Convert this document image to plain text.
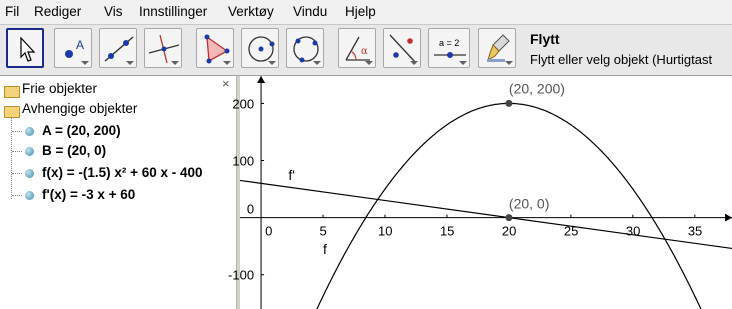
Fil Rediger Vis Innstillinger Verktøy Vindu Hjelp
A	α
a = 2	Flytt
Flytt eller velg objekt (Hurtigtast
×
Frie objekter
Avhengige objekter
A = (20, 200)
B = (20, 0)
f(x) = -(1.5) x² + 60 x - 400
f'(x) = -3 x + 60
0	5	10	15	20	25	30	35
200
100
0
-100
(20, 200)
(20, 0)
f
f'
